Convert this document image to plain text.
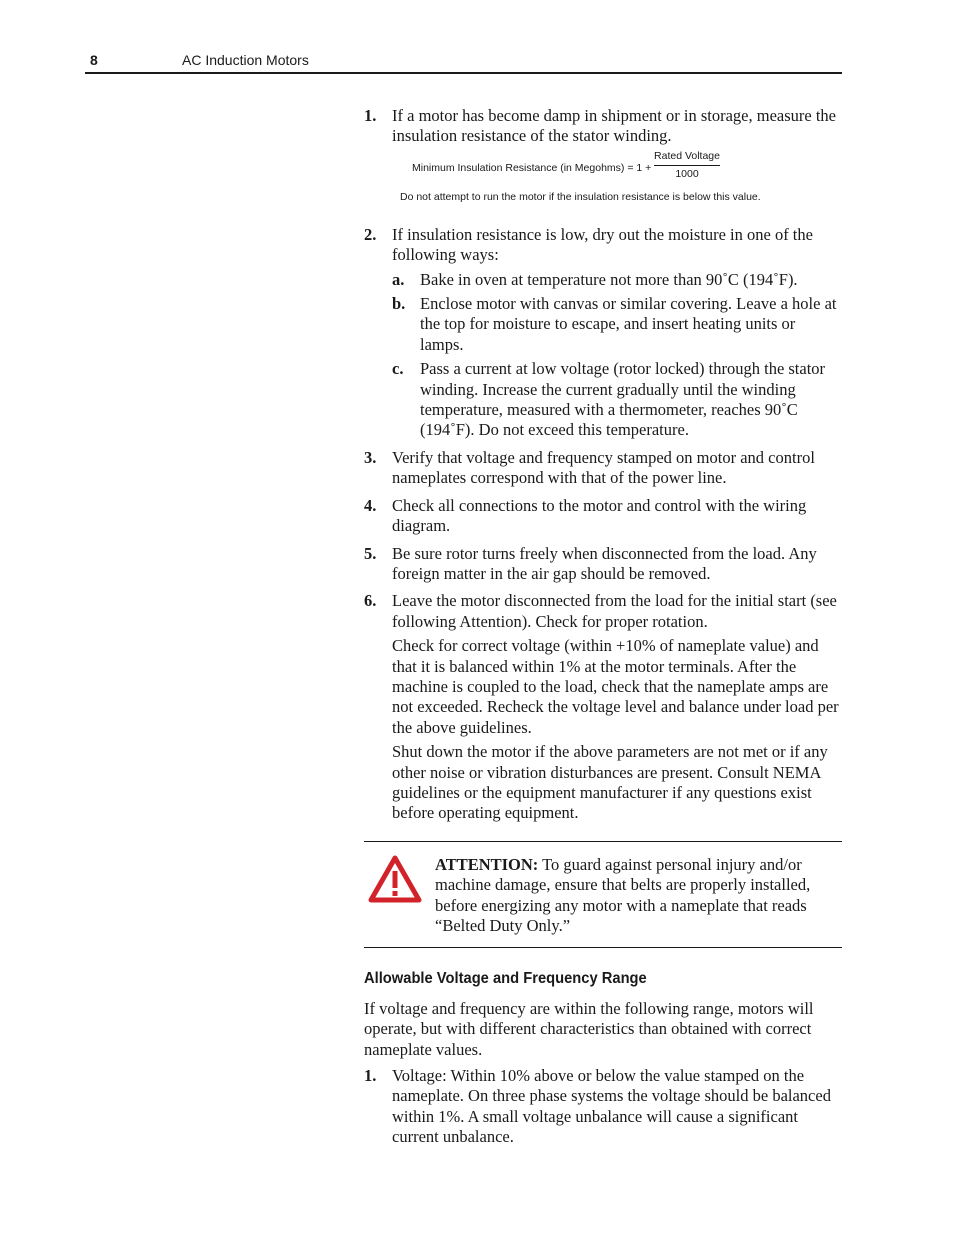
8	AC Induction Motors
1. If a motor has become damp in shipment or in storage, measure the insulation resistance of the stator winding.
Minimum Insulation Resistance (in Megohms) = 1 +
Rated Voltage
1000
Do not attempt to run the motor if the insulation resistance is below this value.
2. If insulation resistance is low, dry out the moisture in one of the following ways:
a. Bake in oven at temperature not more than 90˚C (194˚F).
b. Enclose motor with canvas or similar covering. Leave a hole at the top for moisture to escape, and insert heating units or lamps.
c. Pass a current at low voltage (rotor locked) through the stator winding. Increase the current gradually until the winding temperature, measured with a thermometer, reaches 90˚C (194˚F). Do not exceed this temperature.
3. Verify that voltage and frequency stamped on motor and control nameplates correspond with that of the power line.
4. Check all connections to the motor and control with the wiring diagram.
5. Be sure rotor turns freely when disconnected from the load. Any foreign matter in the air gap should be removed.
6. Leave the motor disconnected from the load for the initial start (see following Attention). Check for proper rotation.
Check for correct voltage (within +10% of nameplate value) and that it is balanced within 1% at the motor terminals. After the machine is coupled to the load, check that the nameplate amps are not exceeded. Recheck the voltage level and balance under load per the above guidelines.
Shut down the motor if the above parameters are not met or if any other noise or vibration disturbances are present. Consult NEMA guidelines or the equipment manufacturer if any questions exist before operating equipment.
ATTENTION: To guard against personal injury and/or machine damage, ensure that belts are properly installed, before energizing any motor with a nameplate that reads “Belted Duty Only.”
Allowable Voltage and Frequency Range
If voltage and frequency are within the following range, motors will operate, but with different characteristics than obtained with correct nameplate values.
1. Voltage: Within 10% above or below the value stamped on the nameplate. On three phase systems the voltage should be balanced within 1%. A small voltage unbalance will cause a significant current unbalance.
